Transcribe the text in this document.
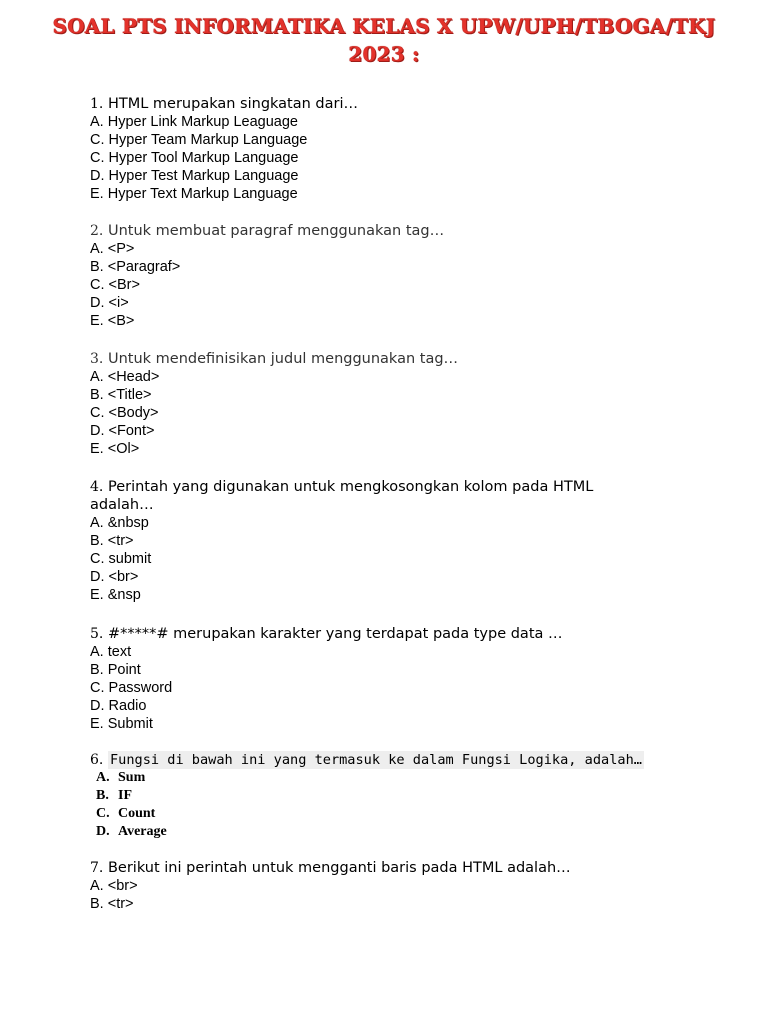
SOAL PTS INFORMATIKA KELAS X UPW/UPH/TBOGA/TKJ
2023 :
1. HTML merupakan singkatan dari…
A. Hyper Link Markup Leaguage
C. Hyper Team Markup Language
C. Hyper Tool Markup Language
D. Hyper Test Markup Language
E. Hyper Text Markup Language
2. Untuk membuat paragraf menggunakan tag…
A. <P>
B. <Paragraf>
C. <Br>
D. <i>
E. <B>
3. Untuk mendefinisikan judul menggunakan tag…
A. <Head>
B. <Title>
C. <Body>
D. <Font>
E. <Ol>
4. Perintah yang digunakan untuk mengkosongkan kolom pada HTML adalah…
A. &nbsp
B. <tr>
C. submit
D. <br>
E. &nsp
5. #*****# merupakan karakter yang terdapat pada type data …
A. text
B. Point
C. Password
D. Radio
E. Submit
6. Fungsi di bawah ini yang termasuk ke dalam Fungsi Logika, adalah…
A. Sum
B. IF
C. Count
D. Average
7. Berikut ini perintah untuk mengganti baris pada HTML adalah…
A. <br>
B. <tr>
